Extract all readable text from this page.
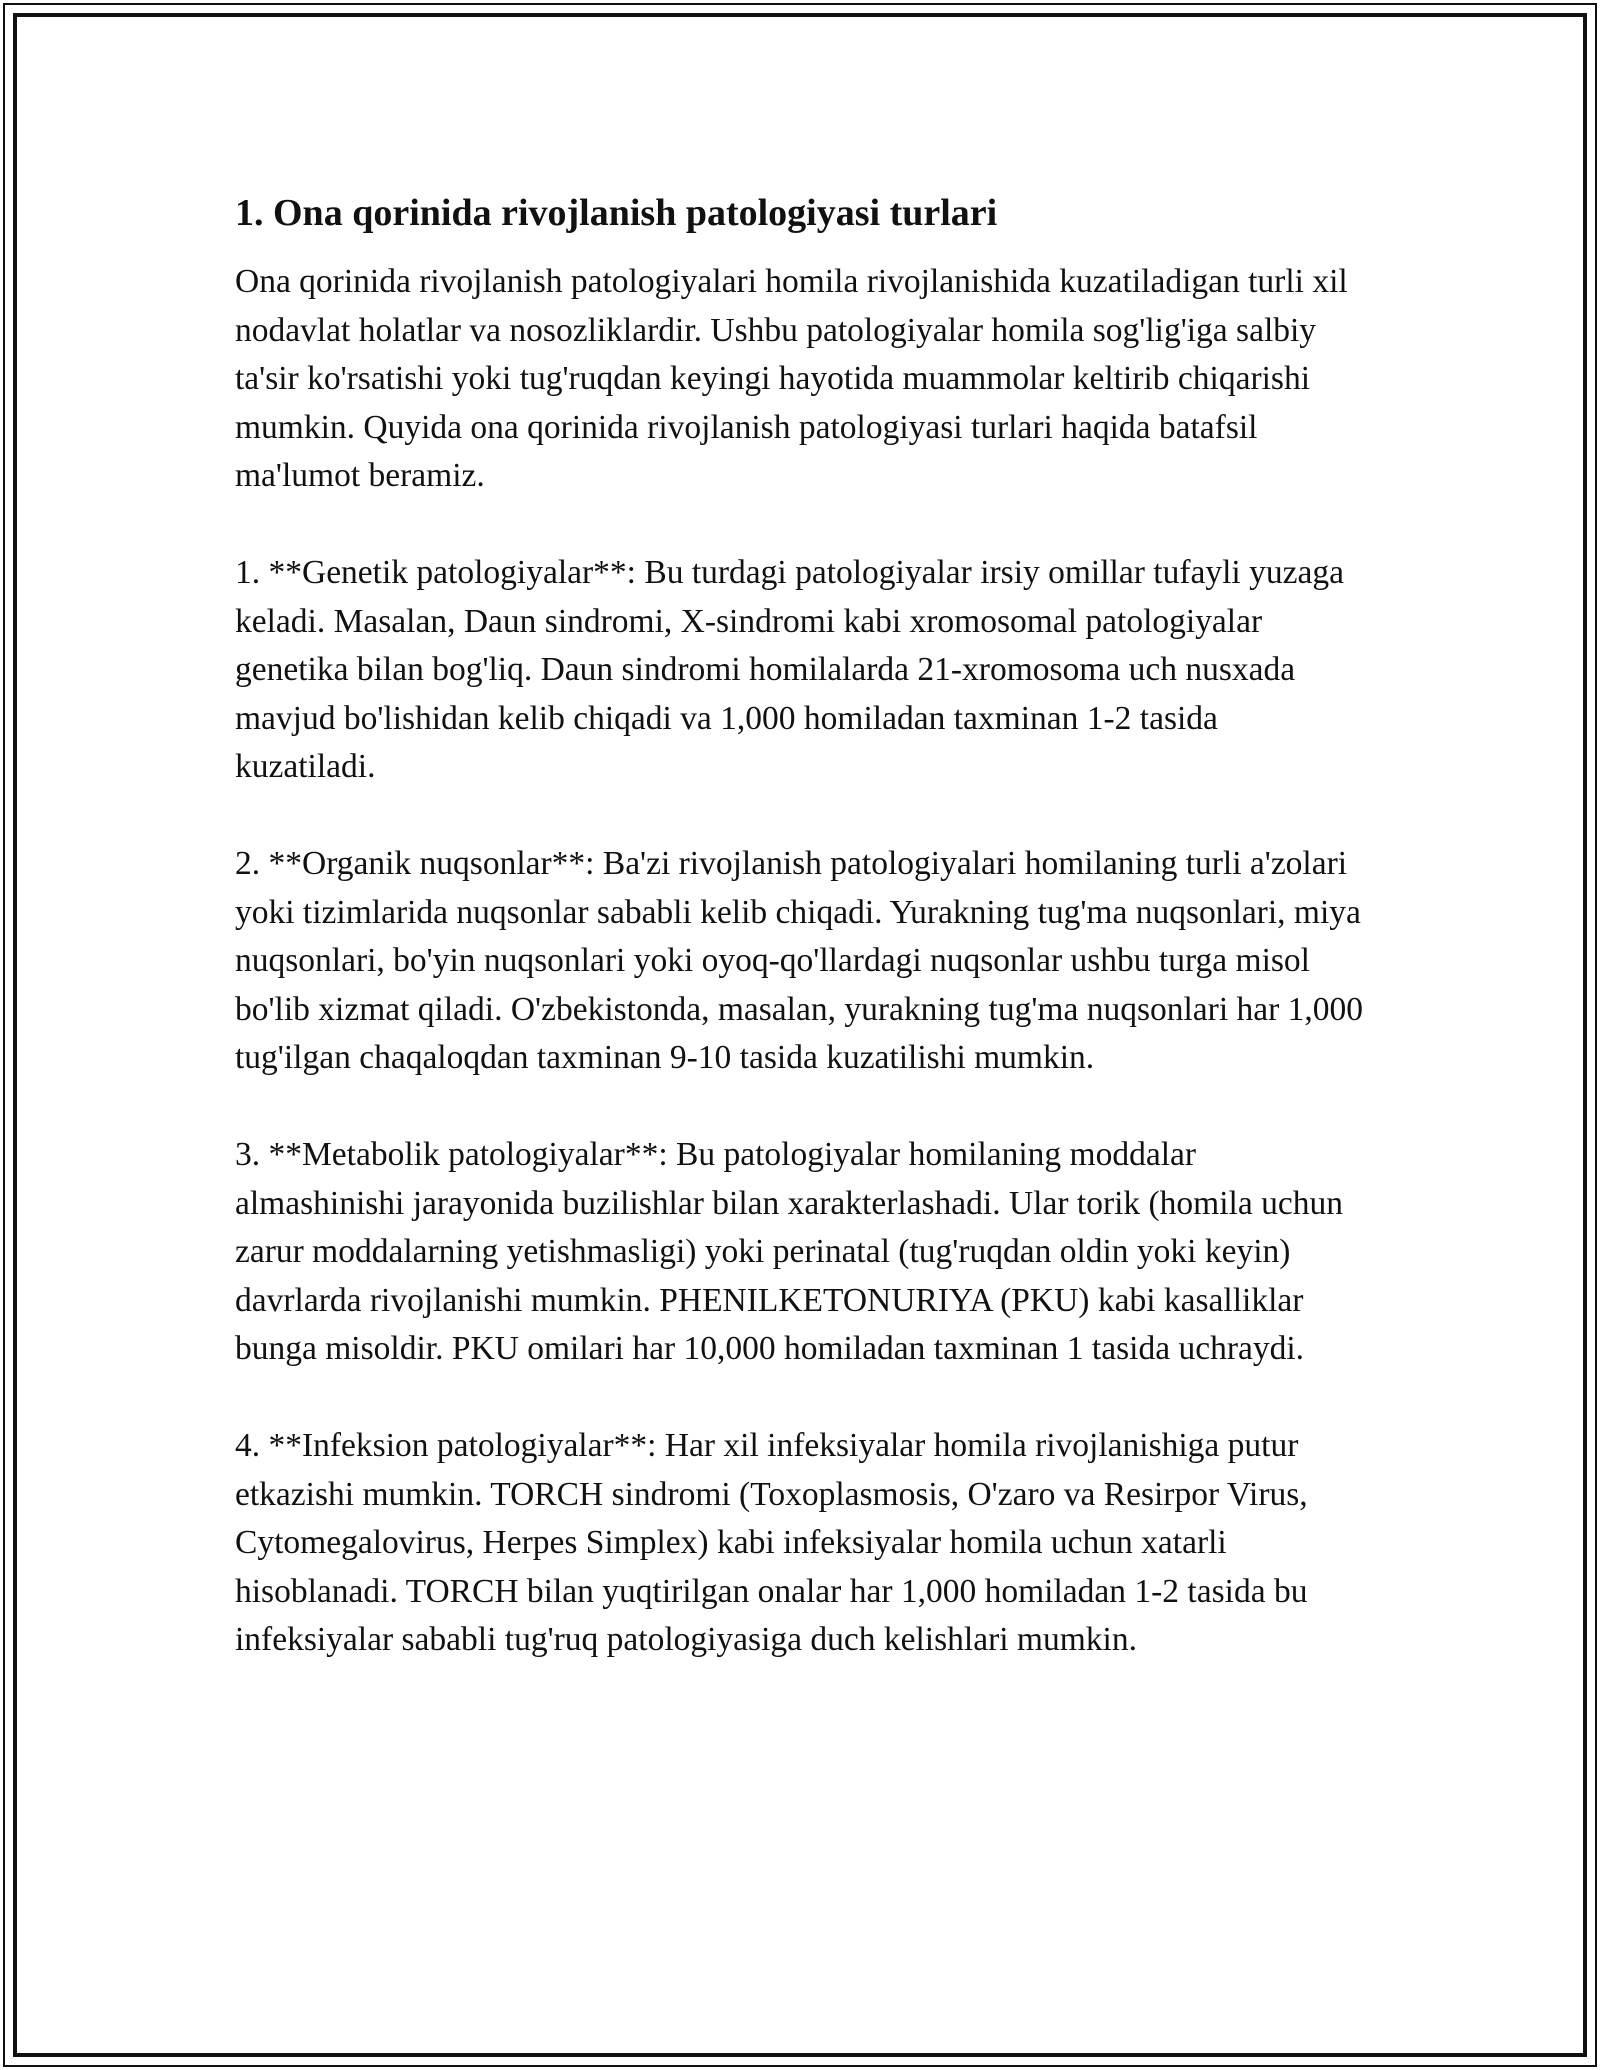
1. Ona qorinida rivojlanish patologiyasi turlari

Ona qorinida rivojlanish patologiyalari homila rivojlanishida kuzatiladigan turli xil nodavlat holatlar va nosozliklardir. Ushbu patologiyalar homila sog'lig'iga salbiy ta'sir ko'rsatishi yoki tug'ruqdan keyingi hayotida muammolar keltirib chiqarishi mumkin. Quyida ona qorinida rivojlanish patologiyasi turlari haqida batafsil ma'lumot beramiz.

1. **Genetik patologiyalar**: Bu turdagi patologiyalar irsiy omillar tufayli yuzaga keladi. Masalan, Daun sindromi, X-sindromi kabi xromosomal patologiyalar genetika bilan bog'liq. Daun sindromi homilalarda 21-xromosoma uch nusxada mavjud bo'lishidan kelib chiqadi va 1,000 homiladan taxminan 1-2 tasida kuzatiladi.

2. **Organik nuqsonlar**: Ba'zi rivojlanish patologiyalari homilaning turli a'zolari yoki tizimlarida nuqsonlar sababli kelib chiqadi. Yurakning tug'ma nuqsonlari, miya nuqsonlari, bo'yin nuqsonlari yoki oyoq-qo'llardagi nuqsonlar ushbu turga misol bo'lib xizmat qiladi. O'zbekistonda, masalan, yurakning tug'ma nuqsonlari har 1,000 tug'ilgan chaqaloqdan taxminan 9-10 tasida kuzatilishi mumkin.

3. **Metabolik patologiyalar**: Bu patologiyalar homilaning moddalar almashinishi jarayonida buzilishlar bilan xarakterlashadi. Ular torik (homila uchun zarur moddalarning yetishmasligi) yoki perinatal (tug'ruqdan oldin yoki keyin) davrlarda rivojlanishi mumkin. PHENILKETONURIYA (PKU) kabi kasalliklar bunga misoldir. PKU omilari har 10,000 homiladan taxminan 1 tasida uchraydi.

4. **Infeksion patologiyalar**: Har xil infeksiyalar homila rivojlanishiga putur etkazishi mumkin. TORCH sindromi (Toxoplasmosis, O'zaro va Resirpor Virus, Cytomegalovirus, Herpes Simplex) kabi infeksiyalar homila uchun xatarli hisoblanadi. TORCH bilan yuqtirilgan onalar har 1,000 homiladan 1-2 tasida bu infeksiyalar sababli tug'ruq patologiyasiga duch kelishlari mumkin.
